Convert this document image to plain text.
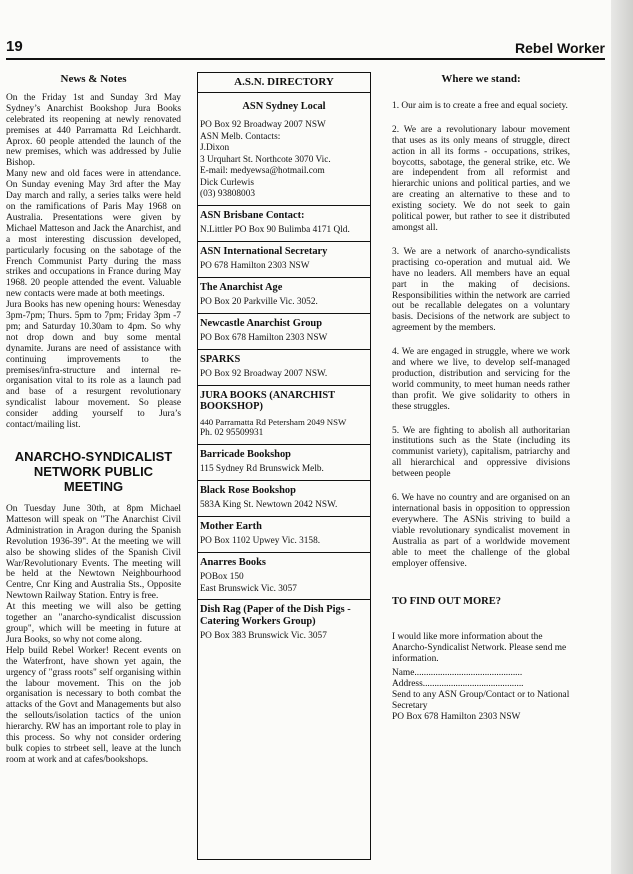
19	Rebel Worker
News & Notes

On the Friday 1st and Sunday 3rd May Sydney’s Anarchist Bookshop Jura Books celebrated its reopening at newly renovated premises at 440 Parramatta Rd Leichhardt. Aprox. 60 people attended the launch of the new premises, which was addressed by Julie Bishop.

Many new and old faces were in attendance. On Sunday evening May 3rd after the May Day march and rally, a series talks were held on the ramifications of Paris May 1968 on Australia. Presentations were given by Michael Matteson and Jack the Anarchist, and a most interesting discussion developed, particularly focusing on the sabotage of the French Communist Party during the mass strikes and occupations in France during May 1968. 20 people attended the event. Valuable new contacts were made at both meetings.

Jura Books has new opening hours: Wenesday 3pm-7pm; Thurs. 5pm to 7pm; Friday 3pm -7 pm; and Saturday 10.30am to 4pm. So why not drop down and buy some mental dynamite. Jurans are need of assistance with continuing improvements to the premises/infra-structure and internal re-organisation vital to its role as a launch pad and base of a resurgent revolutionary syndicalist labour movement. So please consider adding yourself to Jura’s contact/mailing list.

ANARCHO-SYNDICALIST NETWORK PUBLIC MEETING

On Tuesday June 30th, at 8pm Michael Matteson will speak on "The Anarchist Civil Administration in Aragon during the Spanish Revolution 1936-39". At the meeting we will also be showing slides of the Spanish Civil War/Revolutionary Events. The meeting will be held at the Newtown Neighbourhood Centre, Cnr King and Australia Sts., Opposite Newtown Railway Station. Entry is free.

At this meeting we will also be getting together an "anarcho-syndicalist discussion group", which will be meeting in future at Jura Books, so why not come along.

Help build Rebel Worker! Recent events on the Waterfront, have shown yet again, the urgency of "grass roots" self organising within the labour movement. This on the job organisation is necessary to both combat the attacks of the Govt and Managements but also the sellouts/isolation tactics of the union hierarchy. RW has an important role to play in this process. So why not consider ordering bulk copies to strbeet sell, leave at the lunch room at work and at cafes/bookshops.

A.S.N. DIRECTORY
ASN Sydney Local
PO Box 92 Broadway 2007 NSW
ASN Melb. Contacts:
J.Dixon
3 Urquhart St. Northcote 3070 Vic.
E-mail: medyewsa@hotmail.com
Dick Curlewis
(03) 93808003
ASN Brisbane Contact:
N.Littler PO Box 90 Bulimba 4171 Qld.
ASN International Secretary
PO 678 Hamilton 2303 NSW
The Anarchist Age
PO Box 20 Parkville Vic. 3052.
Newcastle Anarchist Group
PO Box 678 Hamilton 2303 NSW
SPARKS
PO Box 92 Broadway 2007 NSW.
JURA BOOKS (ANARCHIST BOOKSHOP)
440 Parramatta Rd Petersham 2049 NSW
Ph. 02 95509931
Barricade Bookshop
115 Sydney Rd Brunswick Melb.
Black Rose Bookshop
583A King St. Newtown 2042 NSW.
Mother Earth
PO Box 1102 Upwey Vic. 3158.
Anarres Books
POBox 150
East Brunswick Vic. 3057
Dish Rag (Paper of the Dish Pigs - Catering Workers Group)
PO Box 383 Brunswick Vic. 3057
Where we stand:

1. Our aim is to create a free and equal society.

2. We are a revolutionary labour movement that uses as its only means of struggle, direct action in all its forms - occupations, strikes, boycotts, sabotage, the general strike, etc. We are independent from all reformist and hierarchic unions and political parties, and we are creating an alternative to these and to existing society. We do not seek to gain political power, but rather to see it distributed amongst all.

3. We are a network of anarcho-syndicalists practising co-operation and mutual aid. We have no leaders. All members have an equal part in the making of decisions. Responsibilities within the network are carried out be recallable delegates on a voluntary basis. Decisions of the network are subject to agreement by the members.

4. We are engaged in struggle, where we work and where we live, to develop self-managed production, distribution and servicing for the world community, to meet human needs rather than profit. We give solidarity to others in these struggles.

5. We are fighting to abolish all authoritarian institutions such as the State (including its communist variety), capitalism, patriarchy and all hierarchical and oppressive divisions between people

6. We have no country and are organised on an international basis in opposition to oppression everywhere. The ASNis striving to build a viable revolutionary syndicalist movement in Australia as part of a worldwide movement able to meet the challenge of the global employer offensive.

TO FIND OUT MORE?
I would like more information about the Anarcho-Syndicalist Network. Please send me information.
Name..............................................
Address...........................................
Send to any ASN Group/Contact or to National Secretary
PO Box 678 Hamilton 2303 NSW
